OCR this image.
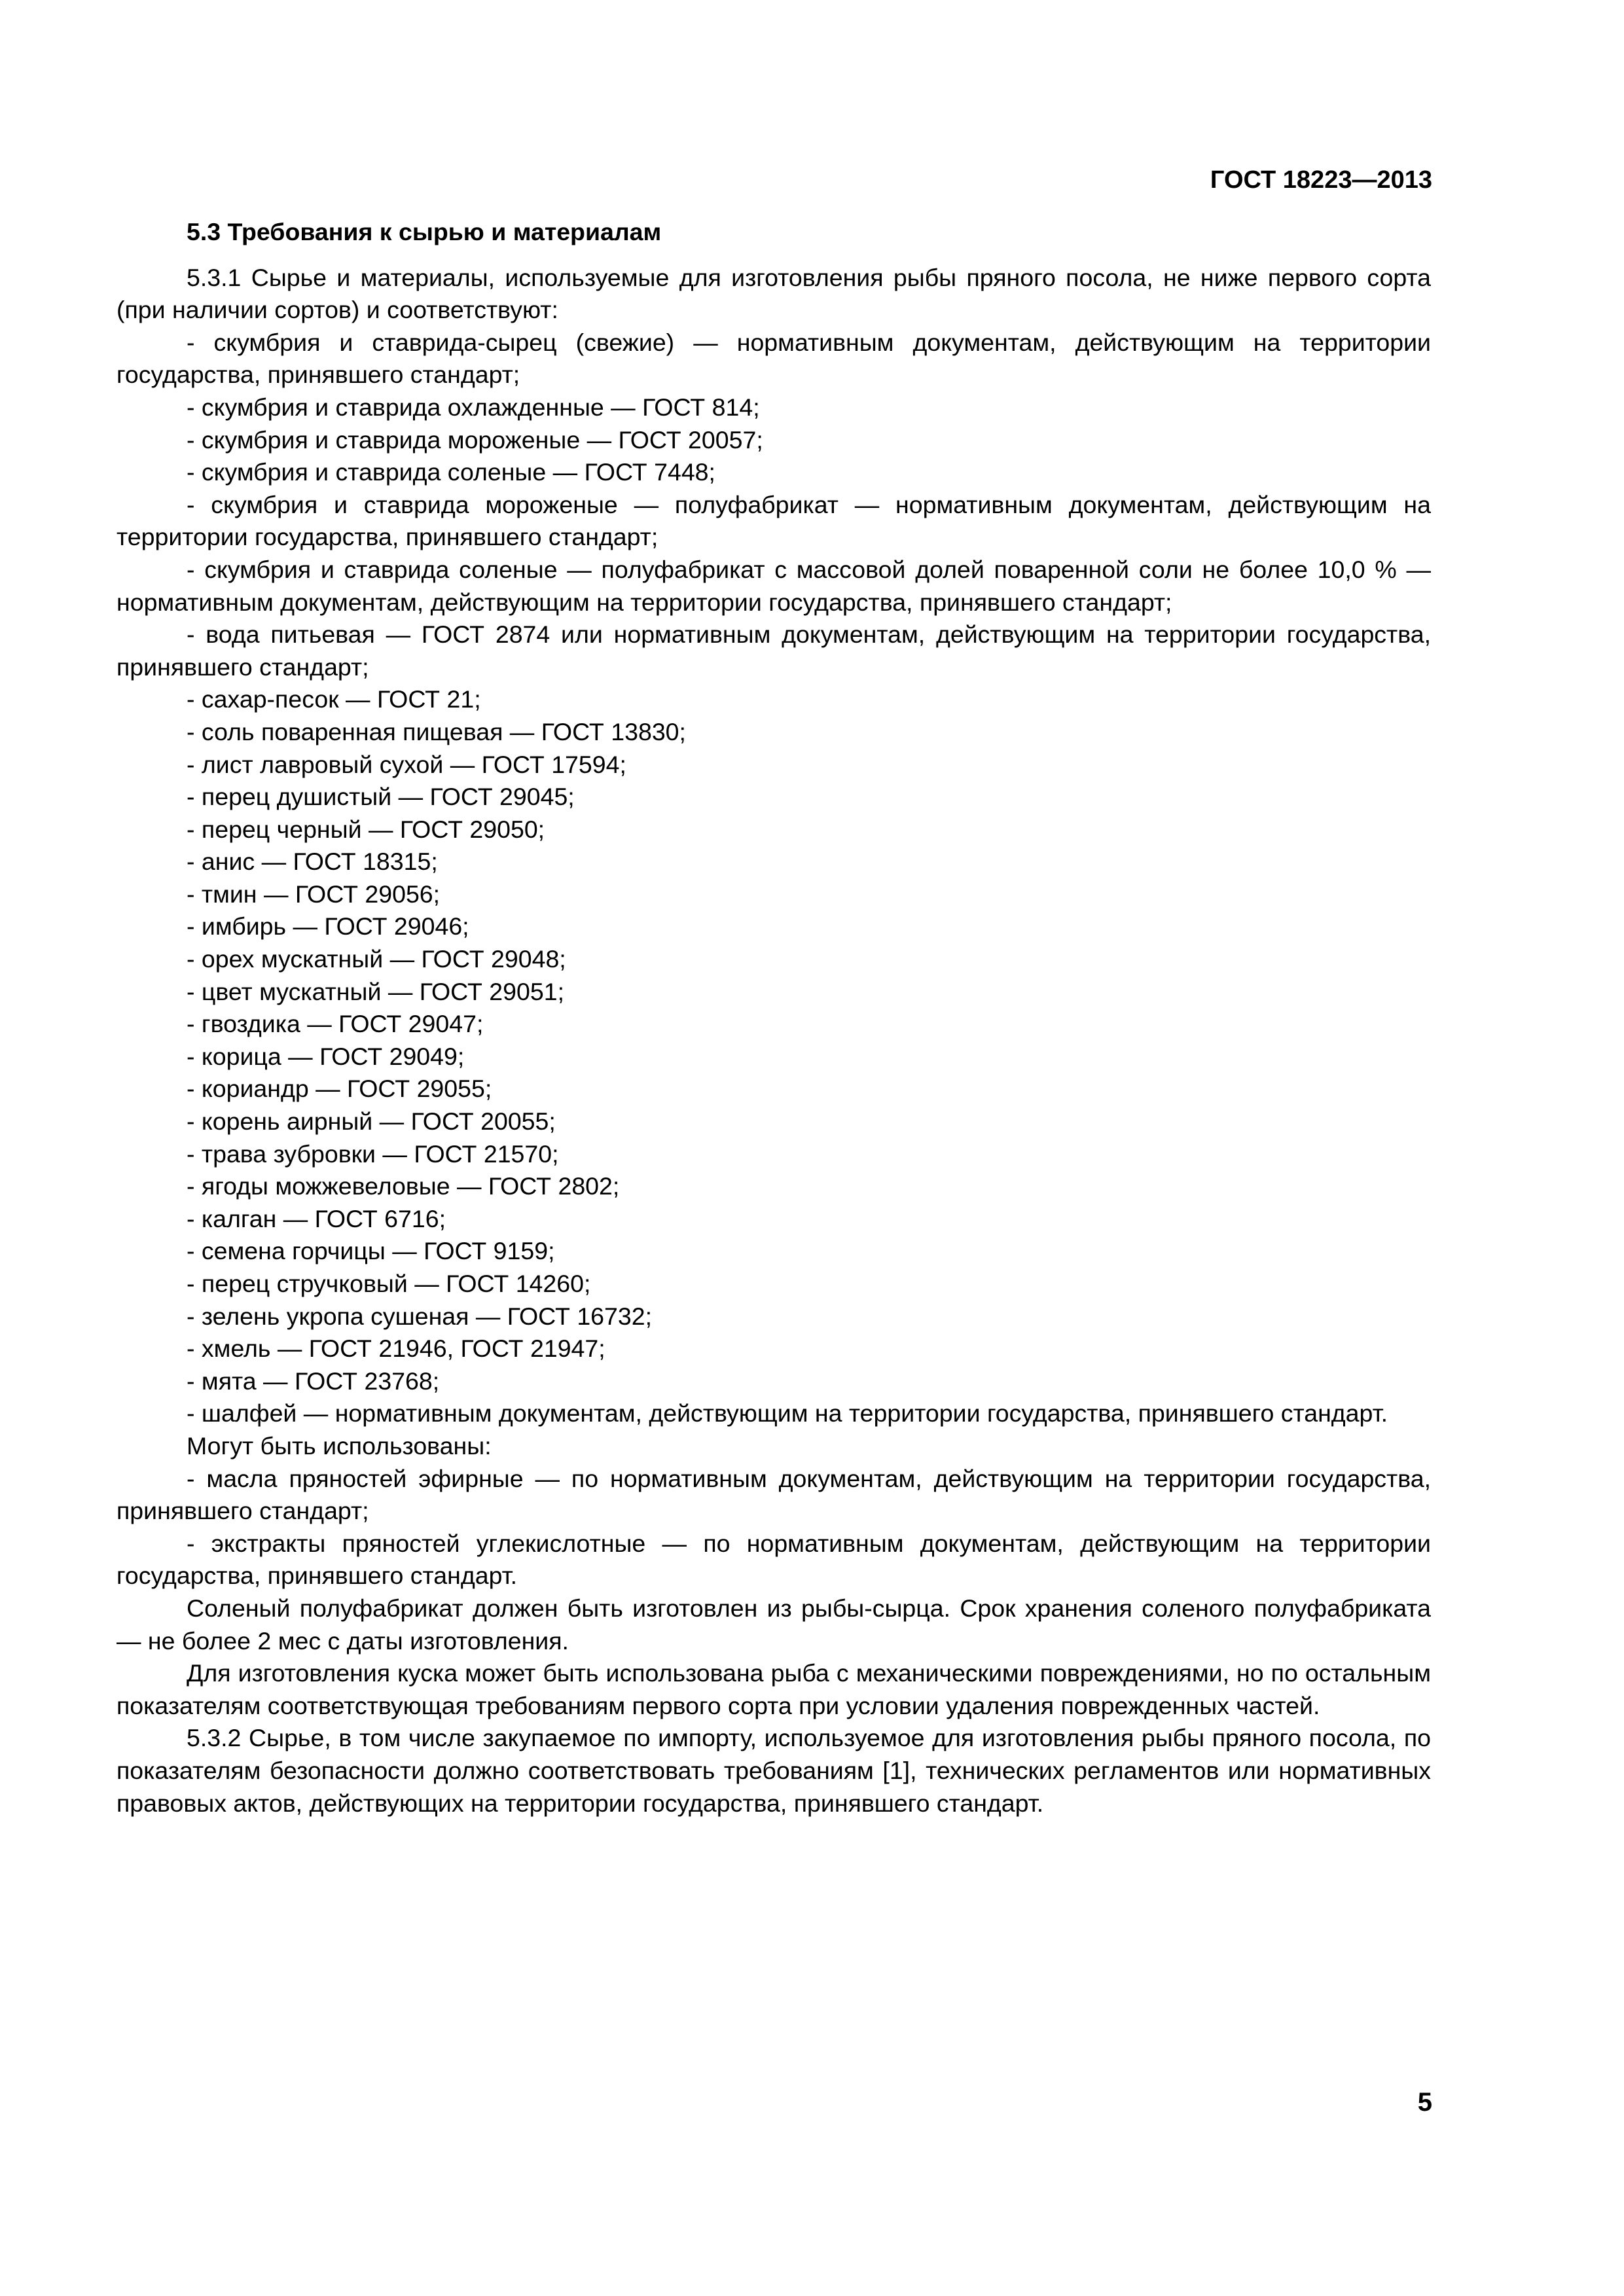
ГОСТ 18223—2013
5.3 Требования к сырью и материалам

5.3.1 Сырье и материалы, используемые для изготовления рыбы пряного посола, не ниже первого сорта (при наличии сортов) и соответствуют:

- скумбрия и ставрида-сырец (свежие) — нормативным документам, действующим на территории государства, принявшего стандарт;

- скумбрия и ставрида охлажденные — ГОСТ 814;

- скумбрия и ставрида мороженые — ГОСТ 20057;

- скумбрия и ставрида соленые — ГОСТ 7448;

- скумбрия и ставрида мороженые — полуфабрикат — нормативным документам, действующим на территории государства, принявшего стандарт;

- скумбрия и ставрида соленые — полуфабрикат с массовой долей поваренной соли не более 10,0 % — нормативным документам, действующим на территории государства, принявшего стандарт;

- вода питьевая — ГОСТ 2874 или нормативным документам, действующим на территории государства, принявшего стандарт;

- сахар-песок — ГОСТ 21;

- соль поваренная пищевая — ГОСТ 13830;

- лист лавровый сухой — ГОСТ 17594;

- перец душистый — ГОСТ 29045;

- перец черный — ГОСТ 29050;

- анис — ГОСТ 18315;

- тмин — ГОСТ 29056;

- имбирь — ГОСТ 29046;

- орех мускатный — ГОСТ 29048;

- цвет мускатный — ГОСТ 29051;

- гвоздика — ГОСТ 29047;

- корица — ГОСТ 29049;

- кориандр — ГОСТ 29055;

- корень аирный — ГОСТ 20055;

- трава зубровки — ГОСТ 21570;

- ягоды можжевеловые — ГОСТ 2802;

- калган — ГОСТ 6716;

- семена горчицы — ГОСТ 9159;

- перец стручковый — ГОСТ 14260;

- зелень укропа сушеная — ГОСТ 16732;

- хмель — ГОСТ 21946, ГОСТ 21947;

- мята — ГОСТ 23768;

- шалфей — нормативным документам, действующим на территории государства, принявшего стандарт.

Могут быть использованы:

- масла пряностей эфирные — по нормативным документам, действующим на территории государства, принявшего стандарт;

- экстракты пряностей углекислотные — по нормативным документам, действующим на территории государства, принявшего стандарт.

Соленый полуфабрикат должен быть изготовлен из рыбы-сырца. Срок хранения соленого полуфабриката — не более 2 мес с даты изготовления.

Для изготовления куска может быть использована рыба с механическими повреждениями, но по остальным показателям соответствующая требованиям первого сорта при условии удаления поврежденных частей.

5.3.2 Сырье, в том числе закупаемое по импорту, используемое для изготовления рыбы пряного посола, по показателям безопасности должно соответствовать требованиям [1], технических регламентов или нормативных правовых актов, действующих на территории государства, принявшего стандарт.

5
